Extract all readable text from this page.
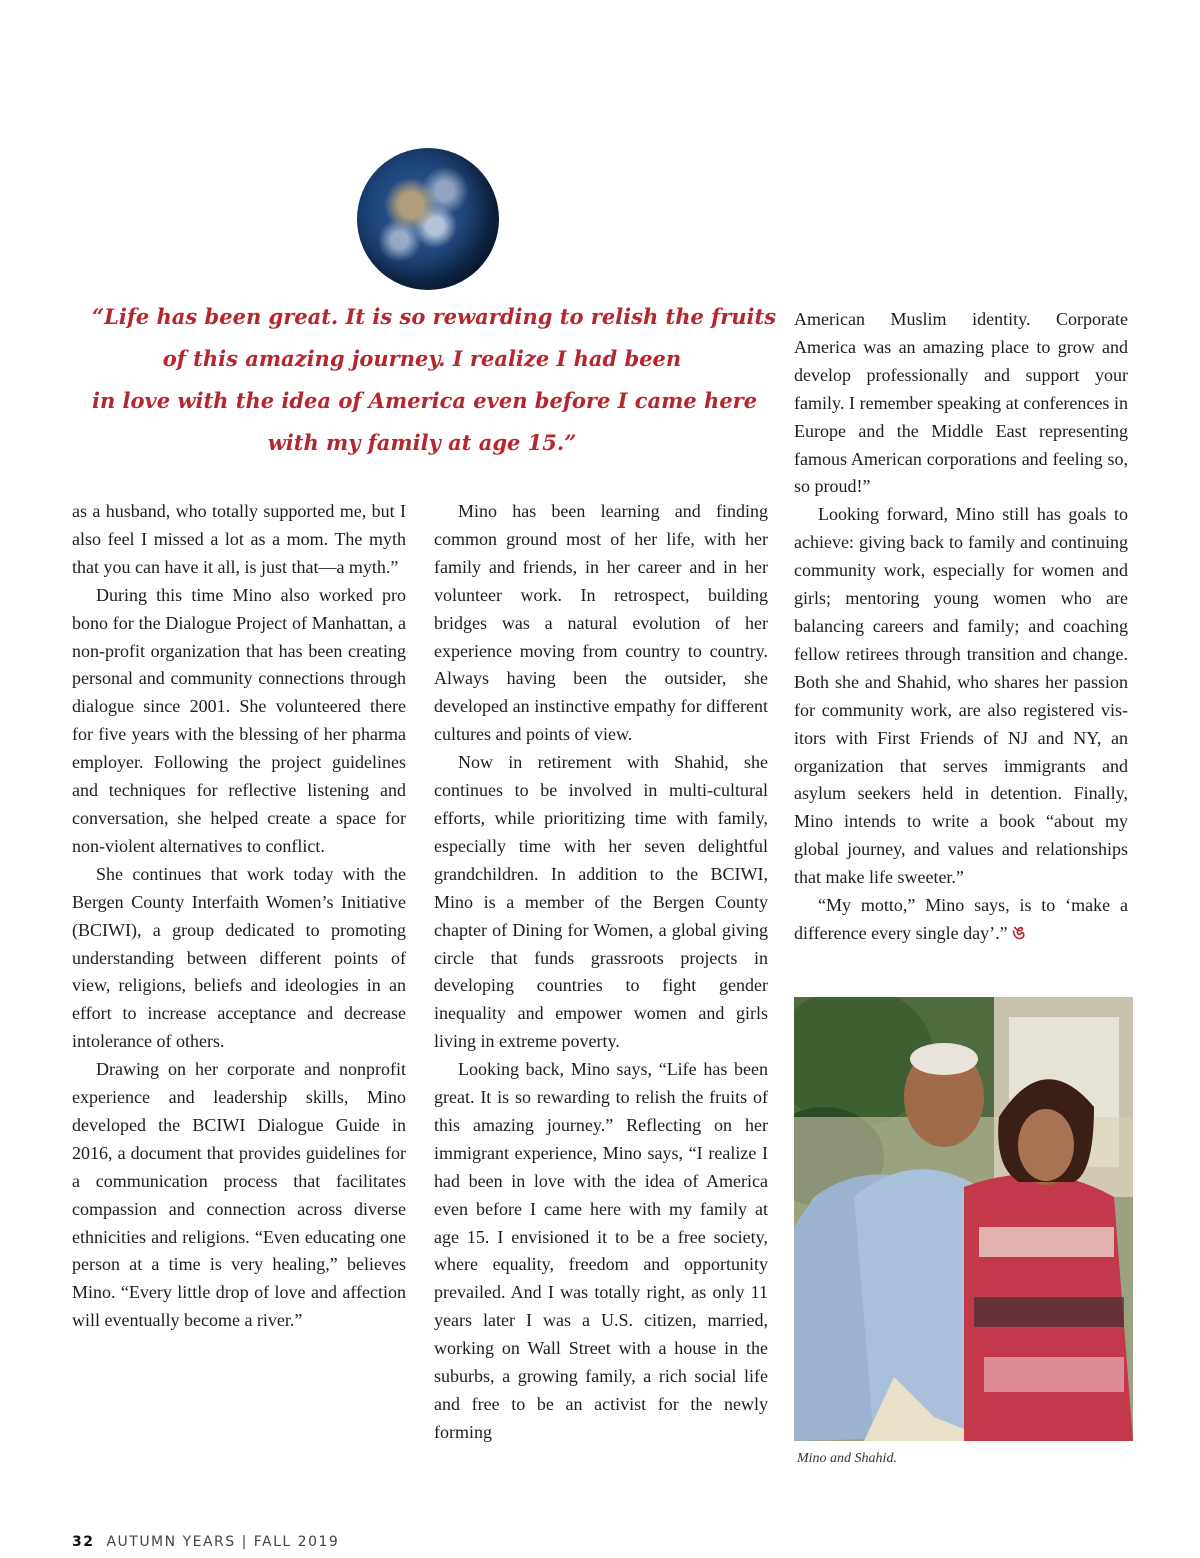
“Life has been great. It is so rewarding to relish the fruits
of this amazing journey. I realize I had been
in love with the idea of America even before I came here
with my family at age 15.”

as a husband, who totally supported me, but I also feel I missed a lot as a mom. The myth that you can have it all, is just that—a myth.”

During this time Mino also worked pro bono for the Dialogue Project of Manhattan, a non-profit organization that has been creating personal and community connections through dialogue since 2001. She volunteered there for five years with the blessing of her pharma employer. Following the project guidelines and techniques for reflective listening and conversation, she helped create a space for non-violent alternatives to conflict.

She continues that work today with the Bergen County Interfaith Women’s Initiative (BCIWI), a group dedicated to promoting understanding between different points of view, religions, beliefs and ideologies in an effort to increase acceptance and decrease intolerance of others.

Drawing on her corporate and nonprofit experience and leadership skills, Mino developed the BCIWI Dialogue Guide in 2016, a document that provides guidelines for a communication process that facilitates compassion and connection across diverse ethnicities and religions. “Even educating one person at a time is very healing,” believes Mino. “Every little drop of love and affection will eventually become a river.”

Mino has been learning and finding common ground most of her life, with her family and friends, in her career and in her volunteer work. In retrospect, building bridges was a natural evolution of her experience moving from country to country. Always having been the outsider, she developed an instinctive empathy for different cultures and points of view.

Now in retirement with Shahid, she continues to be involved in multi-cultural efforts, while prioritizing time with family, especially time with her seven delightful grandchildren. In addition to the BCIWI, Mino is a member of the Bergen County chapter of Dining for Women, a global giving circle that funds grassroots projects in developing countries to fight gender inequality and empower women and girls living in extreme poverty.

Looking back, Mino says, “Life has been great. It is so rewarding to relish the fruits of this amazing journey.” Reflecting on her immigrant experience, Mino says, “I realize I had been in love with the idea of America even before I came here with my family at age 15. I envisioned it to be a free society, where equality, freedom and opportunity prevailed. And I was totally right, as only 11 years later I was a U.S. citizen, married, working on Wall Street with a house in the suburbs, a growing family, a rich social life and free to be an activist for the newly forming

American Muslim identity. Corporate America was an amazing place to grow and develop professionally and support your family. I remember speaking at conferences in Europe and the Middle East representing famous American corporations and feeling so, so proud!”

Looking forward, Mino still has goals to achieve: giving back to family and continuing community work, especially for women and girls; mentoring young women who are balancing careers and family; and coaching fellow retirees through transition and change. Both she and Shahid, who shares her passion for community work, are also registered visitors with First Friends of NJ and NY, an organization that serves immigrants and asylum seekers held in detention. Finally, Mino intends to write a book “about my global journey, and values and relationships that make life sweeter.”

“My motto,” Mino says, is to ‘make a difference every single day’.” ঙ

Mino and Shahid.
32 AUTUMN YEARS | FALL 2019
